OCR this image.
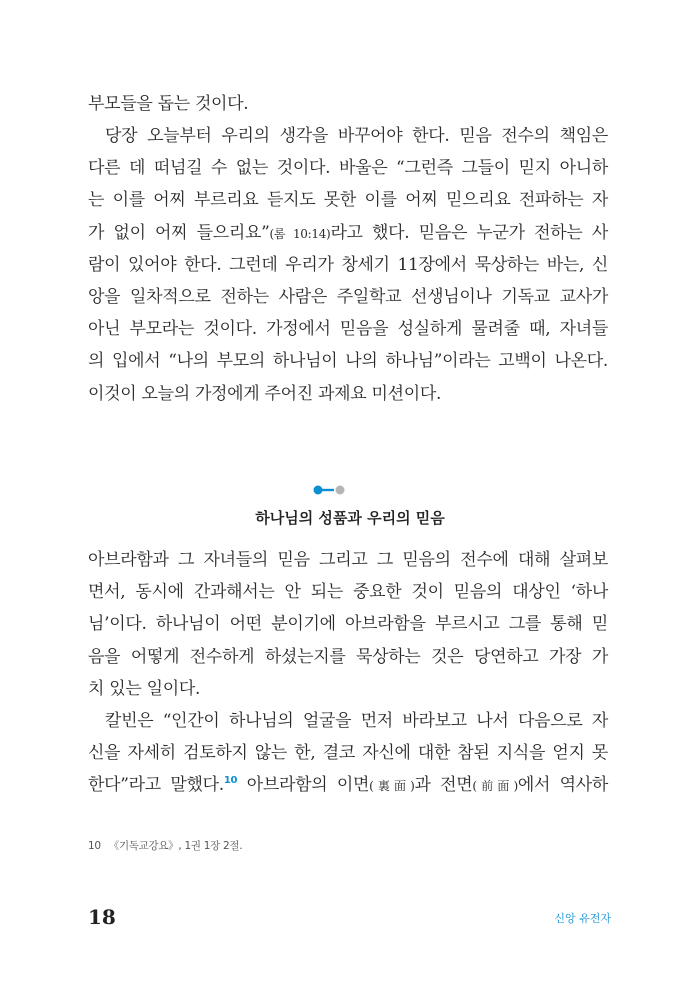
부모들을 돕는 것이다.
당장 오늘부터 우리의 생각을 바꾸어야 한다. 믿음 전수의 책임은
다른 데 떠넘길 수 없는 것이다. 바울은 “그런즉 그들이 믿지 아니하
는 이를 어찌 부르리요 듣지도 못한 이를 어찌 믿으리요 전파하는 자
가 없이 어찌 들으리요”(롬 10:14)라고 했다. 믿음은 누군가 전하는 사
람이 있어야 한다. 그런데 우리가 창세기 11장에서 묵상하는 바는, 신
앙을 일차적으로 전하는 사람은 주일학교 선생님이나 기독교 교사가
아닌 부모라는 것이다. 가정에서 믿음을 성실하게 물려줄 때, 자녀들
의 입에서 “나의 부모의 하나님이 나의 하나님”이라는 고백이 나온다.
이것이 오늘의 가정에게 주어진 과제요 미션이다.
하나님의 성품과 우리의 믿음
아브라함과 그 자녀들의 믿음 그리고 그 믿음의 전수에 대해 살펴보
면서, 동시에 간과해서는 안 되는 중요한 것이 믿음의 대상인 ‘하나
님’이다. 하나님이 어떤 분이기에 아브라함을 부르시고 그를 통해 믿
음을 어떻게 전수하게 하셨는지를 묵상하는 것은 당연하고 가장 가
치 있는 일이다.
칼빈은 “인간이 하나님의 얼굴을 먼저 바라보고 나서 다음으로 자
신을 자세히 검토하지 않는 한, 결코 자신에 대한 참된 지식을 얻지 못
한다”라고 말했다.$^{10}$ 아브라함의 이면(裏面)과 전면(前面)에서 역사하
10 《기독교강요》, 1권 1장 2절.
18	신앙 유전자
